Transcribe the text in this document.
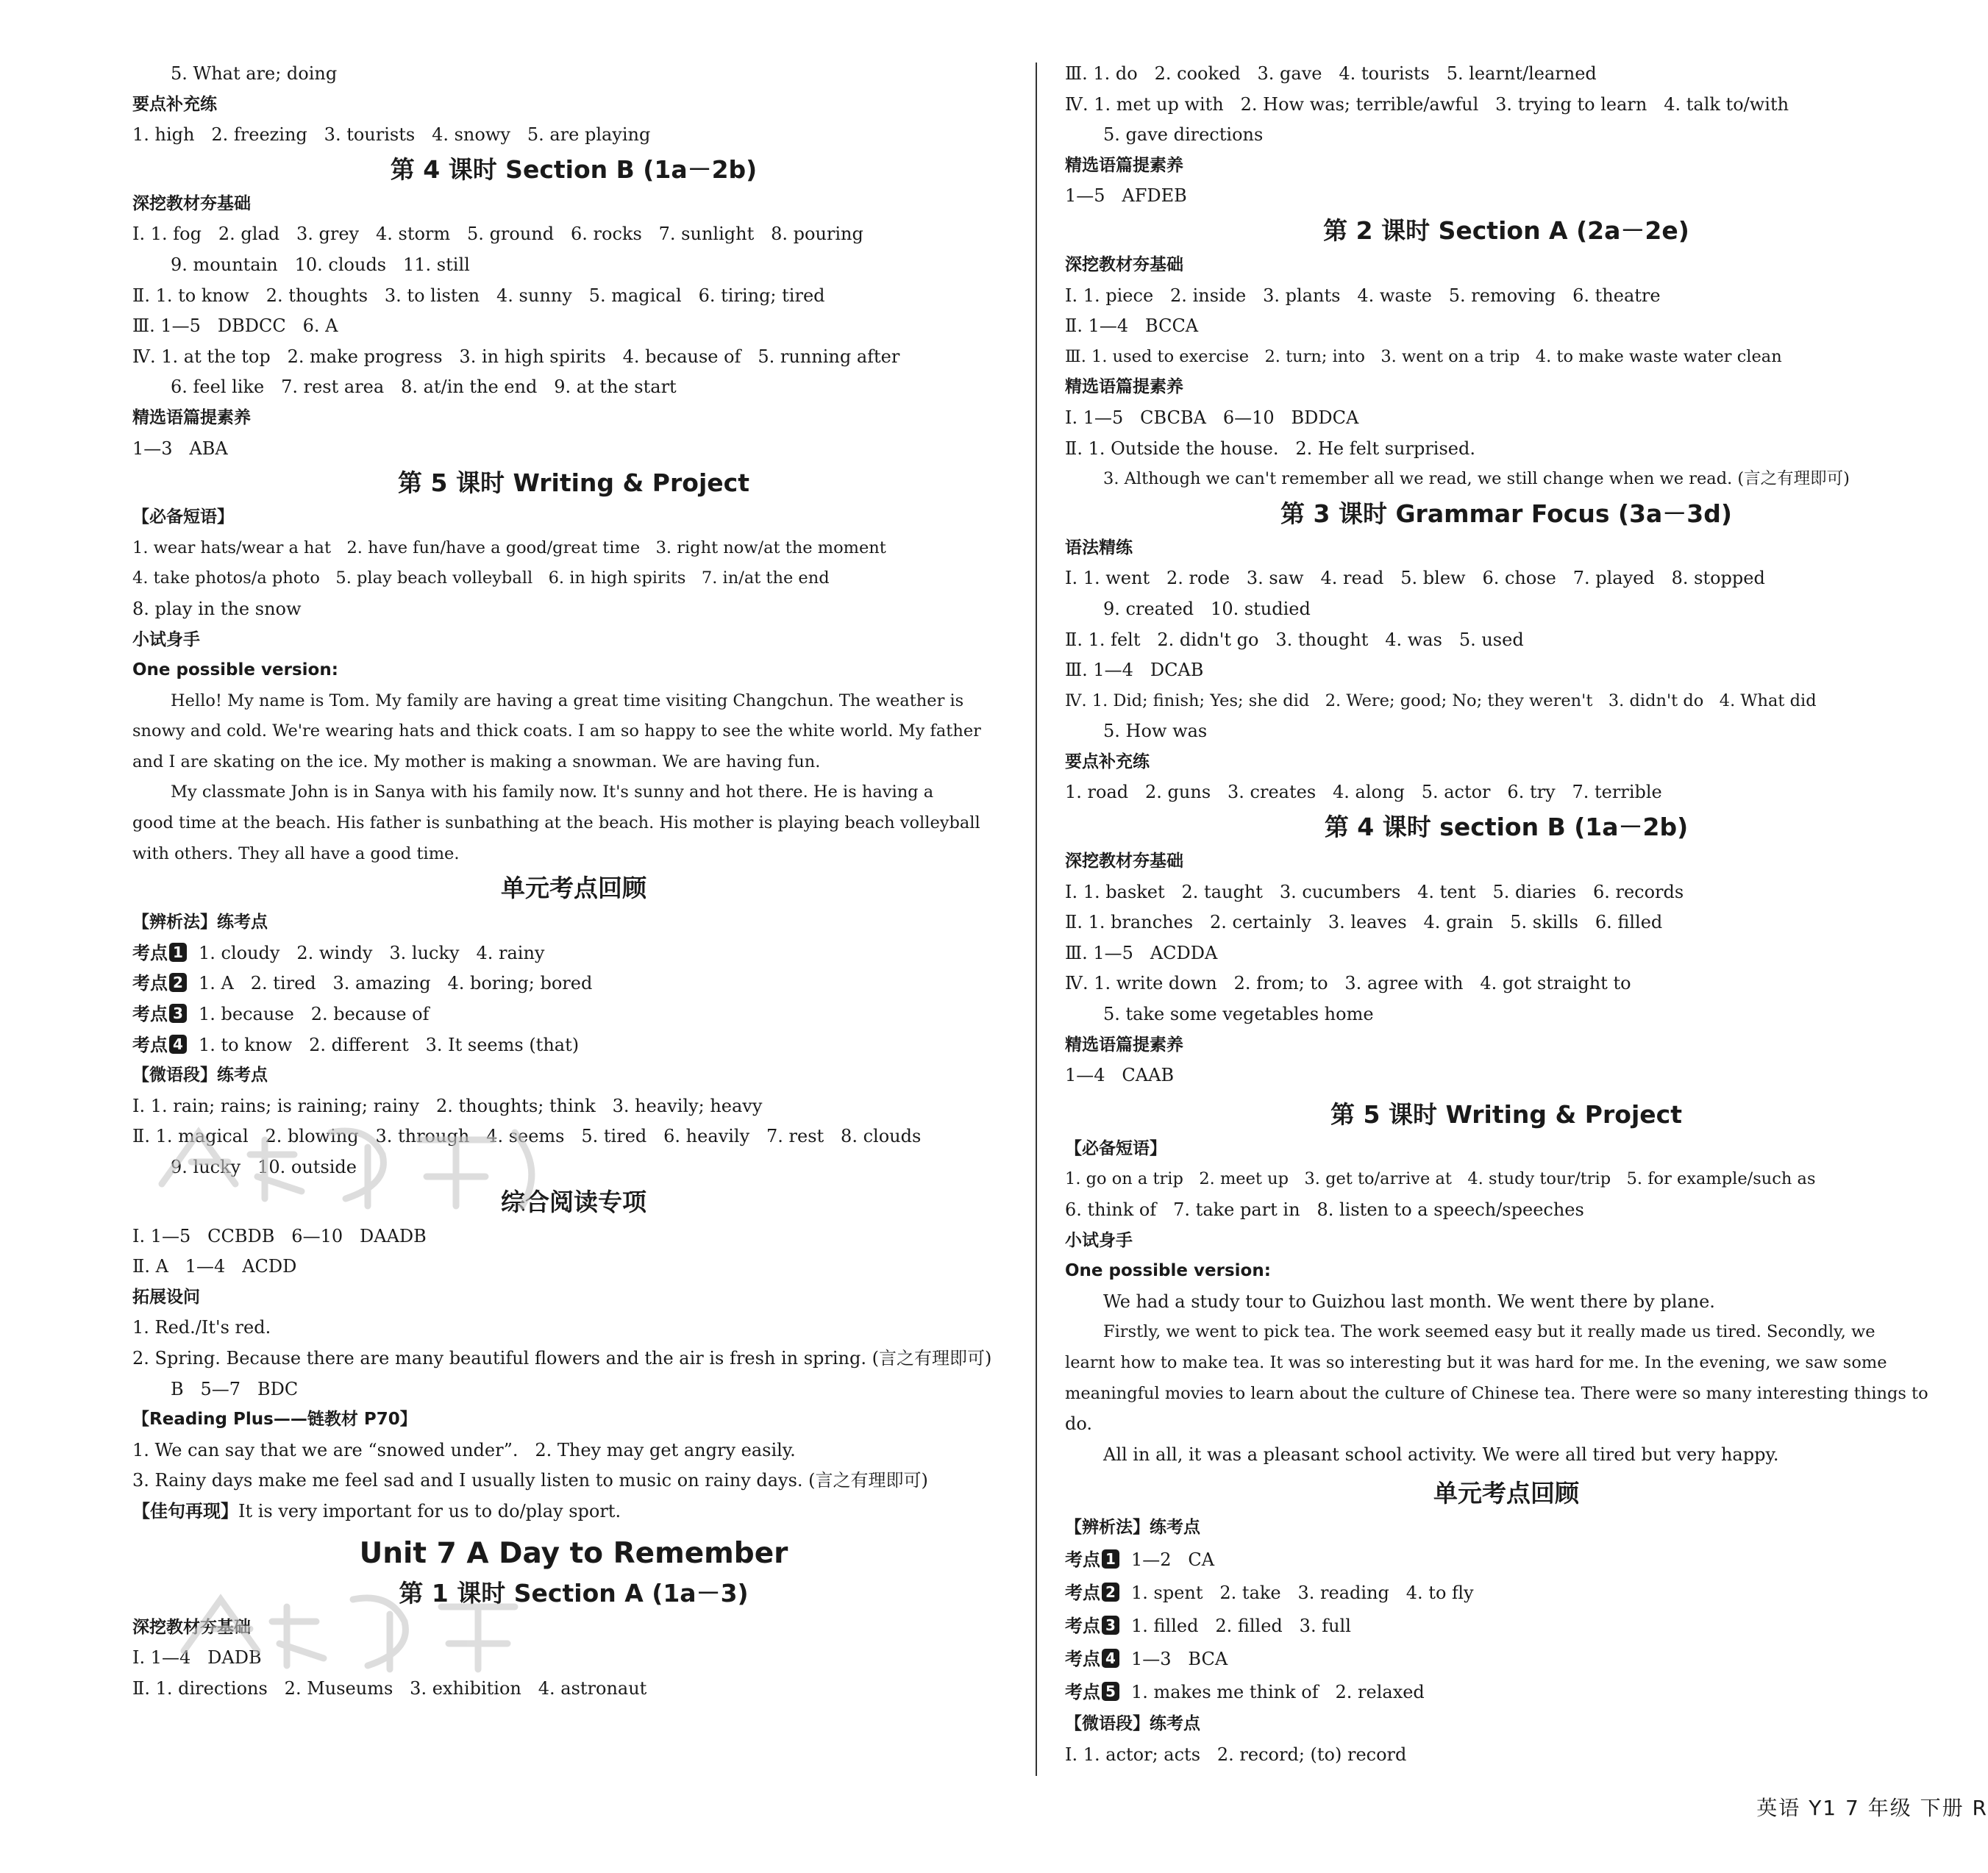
5. What are; doing
要点补充练
1. high   2. freezing   3. tourists   4. snowy   5. are playing
第 4 课时 Section B (1a－2b)
深挖教材夯基础
Ⅰ. 1. fog   2. glad   3. grey   4. storm   5. ground   6. rocks   7. sunlight   8. pouring
9. mountain   10. clouds   11. still
Ⅱ. 1. to know   2. thoughts   3. to listen   4. sunny   5. magical   6. tiring; tired
Ⅲ. 1—5   DBDCC   6. A
Ⅳ. 1. at the top   2. make progress   3. in high spirits   4. because of   5. running after
6. feel like   7. rest area   8. at/in the end   9. at the start
精选语篇提素养
1—3   ABA
第 5 课时 Writing & Project
【必备短语】
1. wear hats/wear a hat   2. have fun/have a good/great time   3. right now/at the moment
4. take photos/a photo   5. play beach volleyball   6. in high spirits   7. in/at the end
8. play in the snow
小试身手
One possible version:
Hello! My name is Tom. My family are having a great time visiting Changchun. The weather is
snowy and cold. We're wearing hats and thick coats. I am so happy to see the white world. My father
and I are skating on the ice. My mother is making a snowman. We are having fun.
My classmate John is in Sanya with his family now. It's sunny and hot there. He is having a
good time at the beach. His father is sunbathing at the beach. His mother is playing beach volleyball
with others. They all have a good time.
单元考点回顾
【辨析法】练考点
考点 1 1. cloudy   2. windy   3. lucky   4. rainy
考点 2 1. A   2. tired   3. amazing   4. boring; bored
考点 3 1. because   2. because of
考点 4 1. to know   2. different   3. It seems (that)
【微语段】练考点
Ⅰ. 1. rain; rains; is raining; rainy   2. thoughts; think   3. heavily; heavy
Ⅱ. 1. magical   2. blowing   3. through   4. seems   5. tired   6. heavily   7. rest   8. clouds
9. lucky   10. outside
综合阅读专项
Ⅰ. 1—5   CCBDB   6—10   DAADB
Ⅱ. A   1—4   ACDD
拓展设问
1. Red./It's red.
2. Spring. Because there are many beautiful flowers and the air is fresh in spring. (言之有理即可)
B   5—7   BDC
【Reading Plus——链教材 P70】
1. We can say that we are “snowed under”.   2. They may get angry easily.
3. Rainy days make me feel sad and I usually listen to music on rainy days. (言之有理即可)
【佳句再现】It is very important for us to do/play sport.
Unit 7 A Day to Remember
第 1 课时 Section A (1a－3)
深挖教材夯基础
Ⅰ. 1—4   DADB
Ⅱ. 1. directions   2. Museums   3. exhibition   4. astronaut
Ⅲ. 1. do   2. cooked   3. gave   4. tourists   5. learnt/learned
Ⅳ. 1. met up with   2. How was; terrible/awful   3. trying to learn   4. talk to/with
5. gave directions
精选语篇提素养
1—5   AFDEB
第 2 课时 Section A (2a－2e)
深挖教材夯基础
Ⅰ. 1. piece   2. inside   3. plants   4. waste   5. removing   6. theatre
Ⅱ. 1—4   BCCA
Ⅲ. 1. used to exercise   2. turn; into   3. went on a trip   4. to make waste water clean
精选语篇提素养
Ⅰ. 1—5   CBCBA   6—10   BDDCA
Ⅱ. 1. Outside the house.   2. He felt surprised.
3. Although we can't remember all we read, we still change when we read. (言之有理即可)
第 3 课时 Grammar Focus (3a－3d)
语法精练
Ⅰ. 1. went   2. rode   3. saw   4. read   5. blew   6. chose   7. played   8. stopped
9. created   10. studied
Ⅱ. 1. felt   2. didn't go   3. thought   4. was   5. used
Ⅲ. 1—4   DCAB
Ⅳ. 1. Did; finish; Yes; she did   2. Were; good; No; they weren't   3. didn't do   4. What did
5. How was
要点补充练
1. road   2. guns   3. creates   4. along   5. actor   6. try   7. terrible
第 4 课时 section B (1a－2b)
深挖教材夯基础
Ⅰ. 1. basket   2. taught   3. cucumbers   4. tent   5. diaries   6. records
Ⅱ. 1. branches   2. certainly   3. leaves   4. grain   5. skills   6. filled
Ⅲ. 1—5   ACDDA
Ⅳ. 1. write down   2. from; to   3. agree with   4. got straight to
5. take some vegetables home
精选语篇提素养
1—4   CAAB
第 5 课时 Writing & Project
【必备短语】
1. go on a trip   2. meet up   3. get to/arrive at   4. study tour/trip   5. for example/such as
6. think of   7. take part in   8. listen to a speech/speeches
小试身手
One possible version:
We had a study tour to Guizhou last month. We went there by plane.
Firstly, we went to pick tea. The work seemed easy but it really made us tired. Secondly, we
learnt how to make tea. It was so interesting but it was hard for me. In the evening, we saw some
meaningful movies to learn about the culture of Chinese tea. There were so many interesting things to
do.
All in all, it was a pleasant school activity. We were all tired but very happy.
单元考点回顾
【辨析法】练考点
考点 1 1—2   CA
考点 2 1. spent   2. take   3. reading   4. to fly
考点 3 1. filled   2. filled   3. full
考点 4 1—3   BCA
考点 5 1. makes me think of   2. relaxed
【微语段】练考点
Ⅰ. 1. actor; acts   2. record; (to) record
英语 Y1 7 年级 下册 R
